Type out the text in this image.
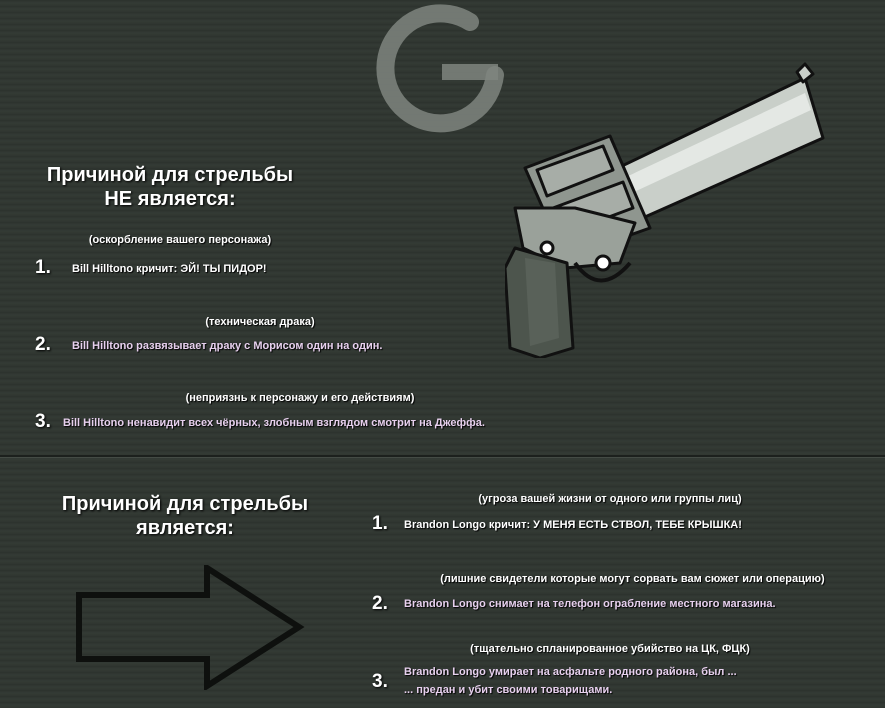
Причиной для стрельбы
НЕ является:
(оскорбление вашего персонажа)
1. Bill Hilltono кричит: ЭЙ! ТЫ ПИДОР!
(техническая драка)
2. Bill Hilltono развязывает драку с Морисом один на один.
(неприязнь к персонажу и его действиям)
3. Bill Hilltono ненавидит всех чёрных, злобным взглядом смотрит на Джеффа.
Причиной для стрельбы
является:
(угроза вашей жизни от одного или группы лиц)
1. Brandon Longo кричит: У МЕНЯ ЕСТЬ СТВОЛ, ТЕБЕ КРЫШКА!
(лишние свидетели которые могут сорвать вам сюжет или операцию)
2. Brandon Longo снимает на телефон ограбление местного магазина.
(тщательно спланированное убийство на ЦК, ФЦК)
3. Brandon Longo умирает на асфальте родного района, был ...
... предан и убит своими товарищами.
